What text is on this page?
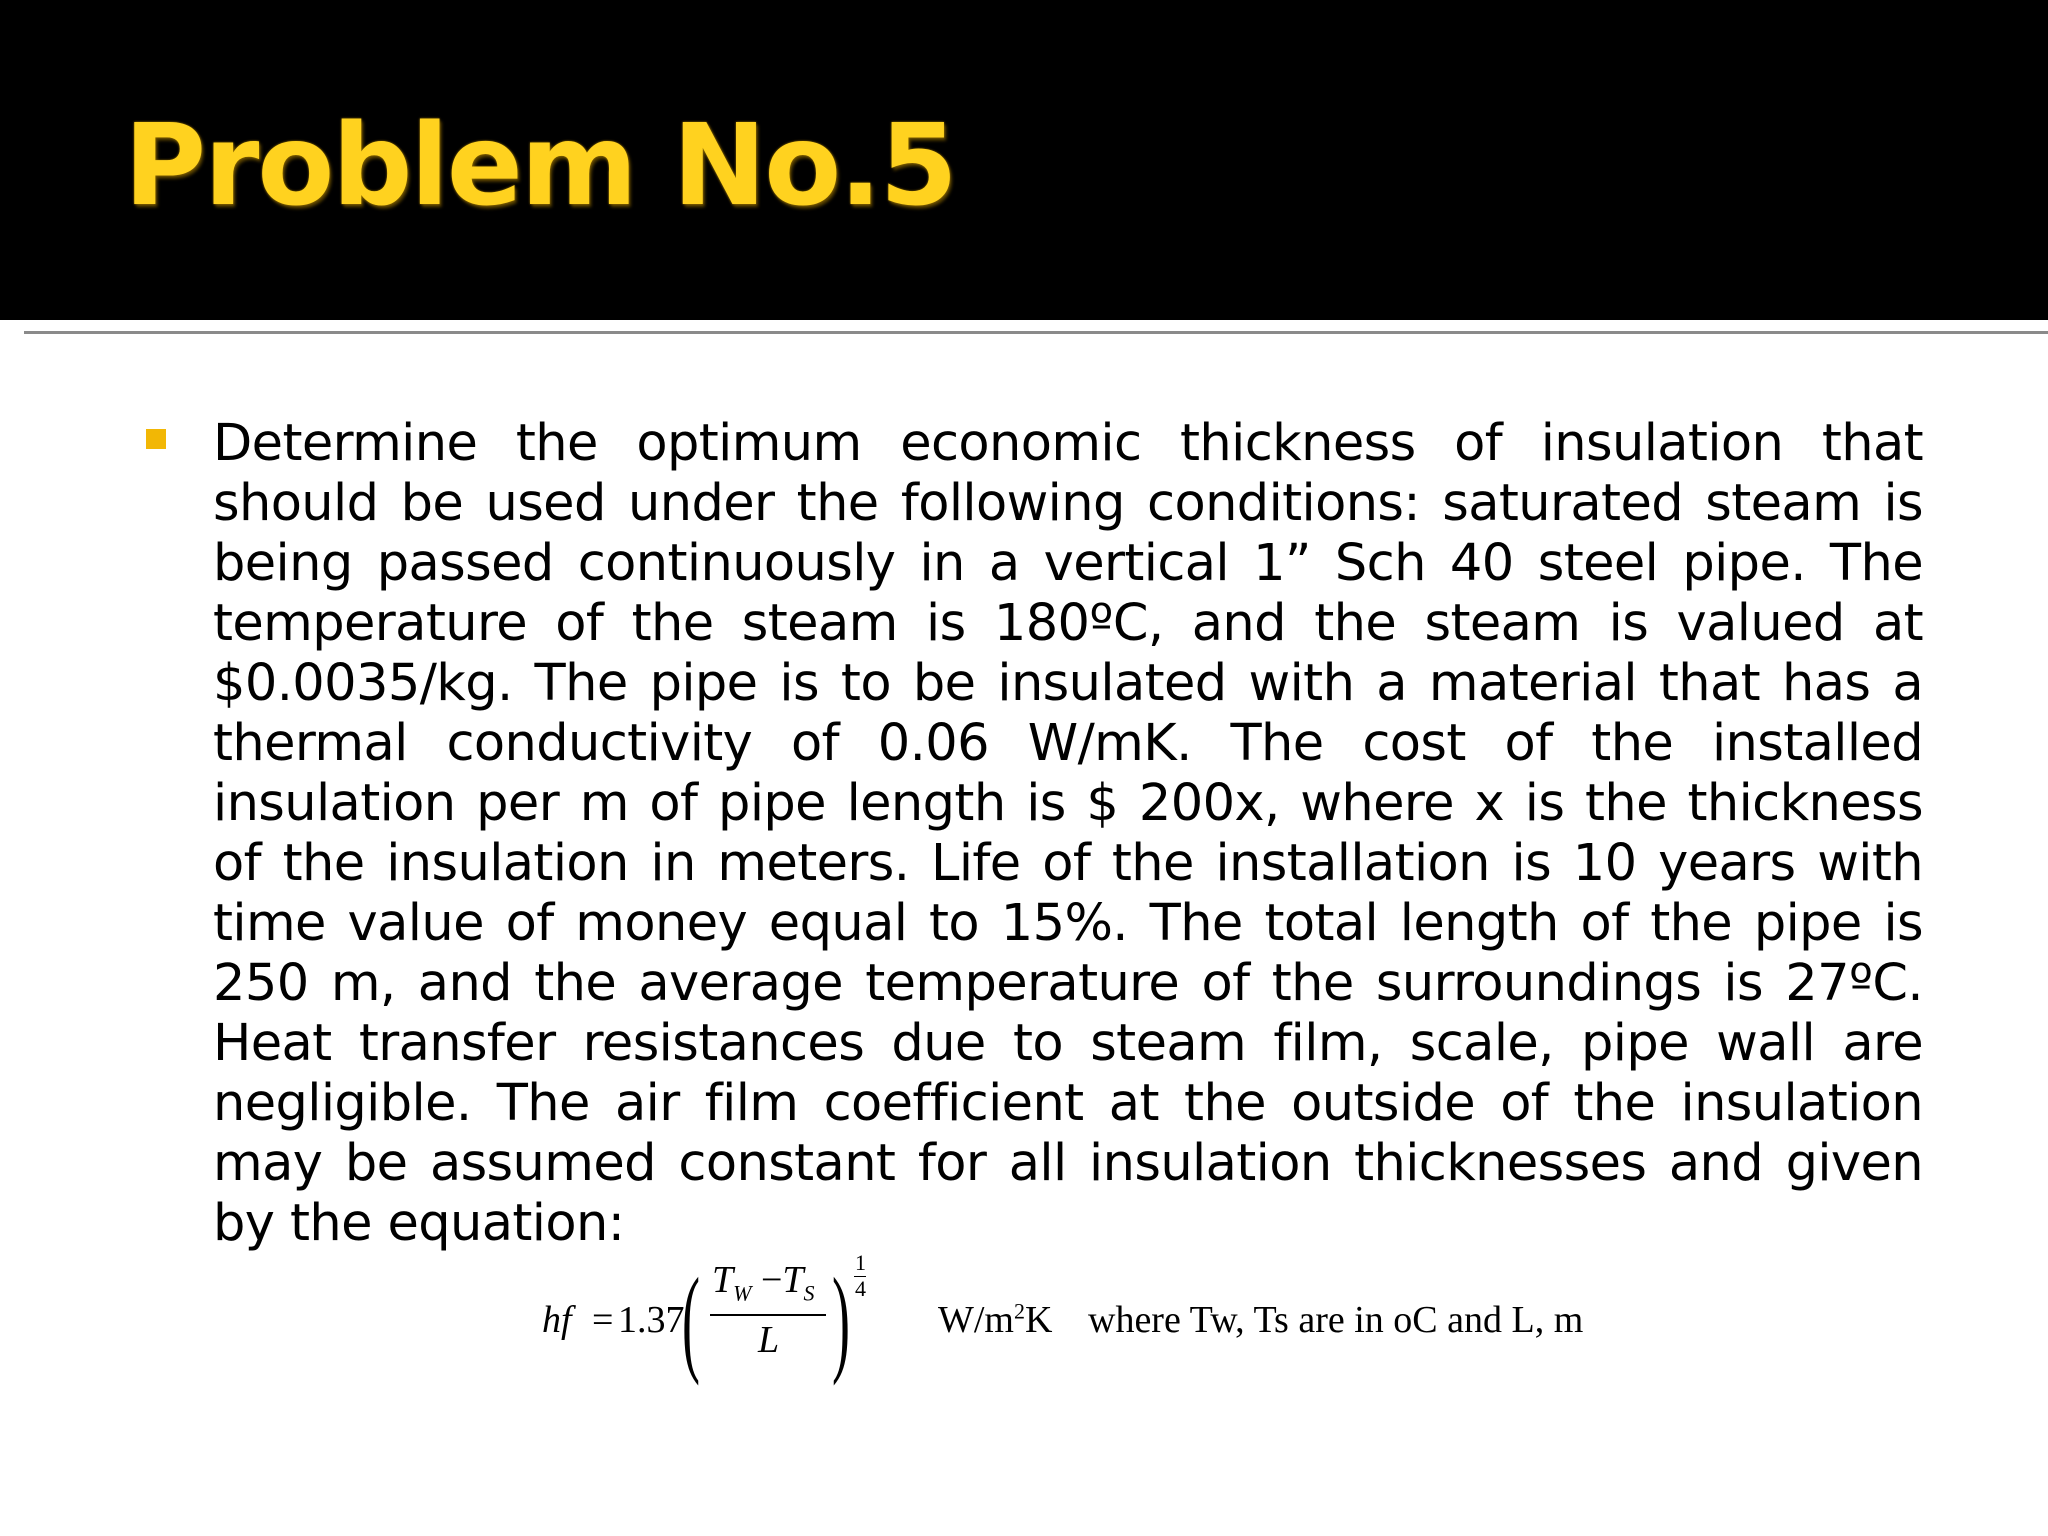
Problem No.5

Determine the optimum economic thickness of insulation that
should be used under the following conditions: saturated steam is
being passed continuously in a vertical 1” Sch 40 steel pipe. The
temperature of the steam is 180ºC, and the steam is valued at
$0.0035/kg. The pipe is to be insulated with a material that has a
thermal conductivity of 0.06 W/mK. The cost of the installed
insulation per m of pipe length is $ 200x, where x is the thickness
of the insulation in meters. Life of the installation is 10 years with
time value of money equal to 15%. The total length of the pipe is
250 m, and the average temperature of the surroundings is 27ºC.
Heat transfer resistances due to steam film, scale, pipe wall are
negligible. The air film coefficient at the outside of the insulation
may be assumed constant for all insulation thicknesses and given
by the equation:

hf = 1.37
( $T_W -T_S$
L ) 1
4
$W/m^2K$ where Tw, Ts are in oC and L, m
